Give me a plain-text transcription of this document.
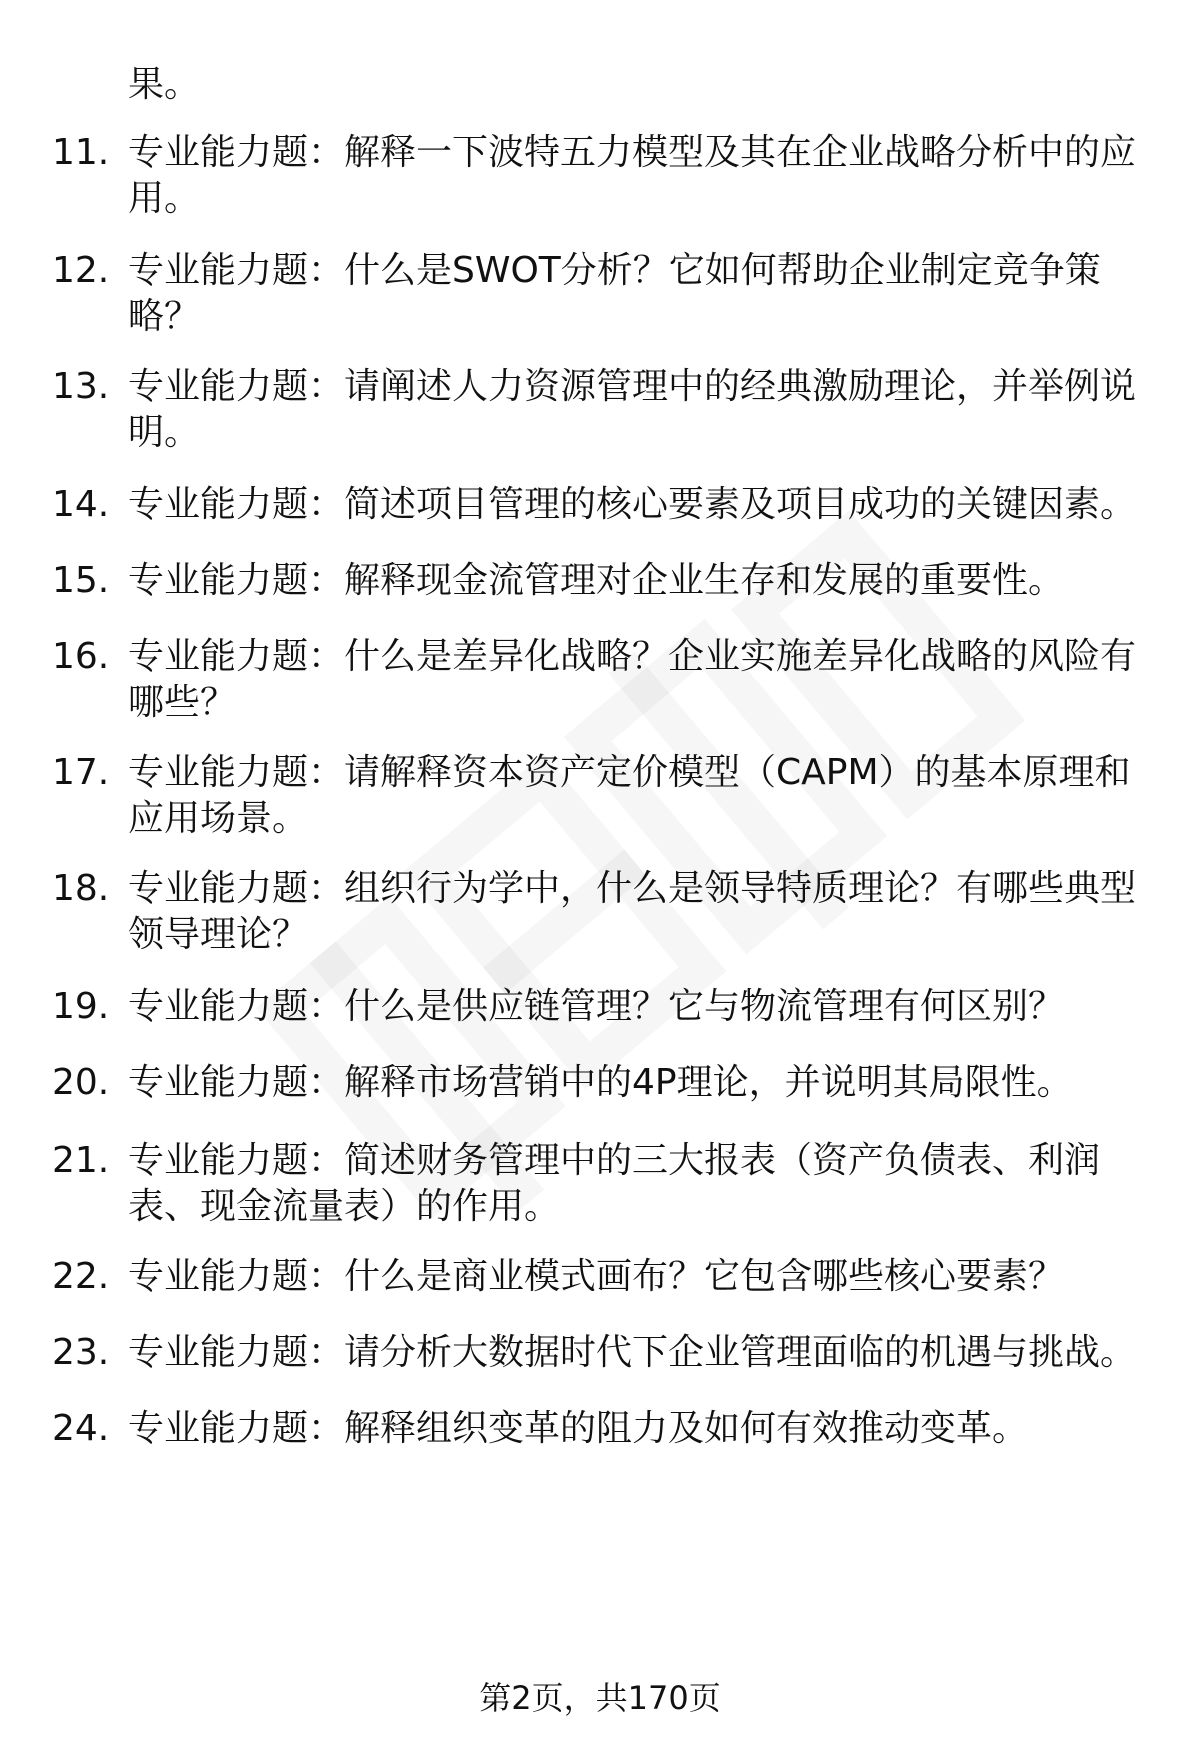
果。
11. 专业能力题：解释一下波特五力模型及其在企业战略分析中的应用。
12. 专业能力题：什么是SWOT分析？它如何帮助企业制定竞争策略？
13. 专业能力题：请阐述人力资源管理中的经典激励理论，并举例说明。
14. 专业能力题：简述项目管理的核心要素及项目成功的关键因素。
15. 专业能力题：解释现金流管理对企业生存和发展的重要性。
16. 专业能力题：什么是差异化战略？企业实施差异化战略的风险有哪些？
17. 专业能力题：请解释资本资产定价模型（CAPM）的基本原理和应用场景。
18. 专业能力题：组织行为学中，什么是领导特质理论？有哪些典型领导理论？
19. 专业能力题：什么是供应链管理？它与物流管理有何区别？
20. 专业能力题：解释市场营销中的4P理论，并说明其局限性。
21. 专业能力题：简述财务管理中的三大报表（资产负债表、利润表、现金流量表）的作用。
22. 专业能力题：什么是商业模式画布？它包含哪些核心要素？
23. 专业能力题：请分析大数据时代下企业管理面临的机遇与挑战。
24. 专业能力题：解释组织变革的阻力及如何有效推动变革。
第2页，共170页
